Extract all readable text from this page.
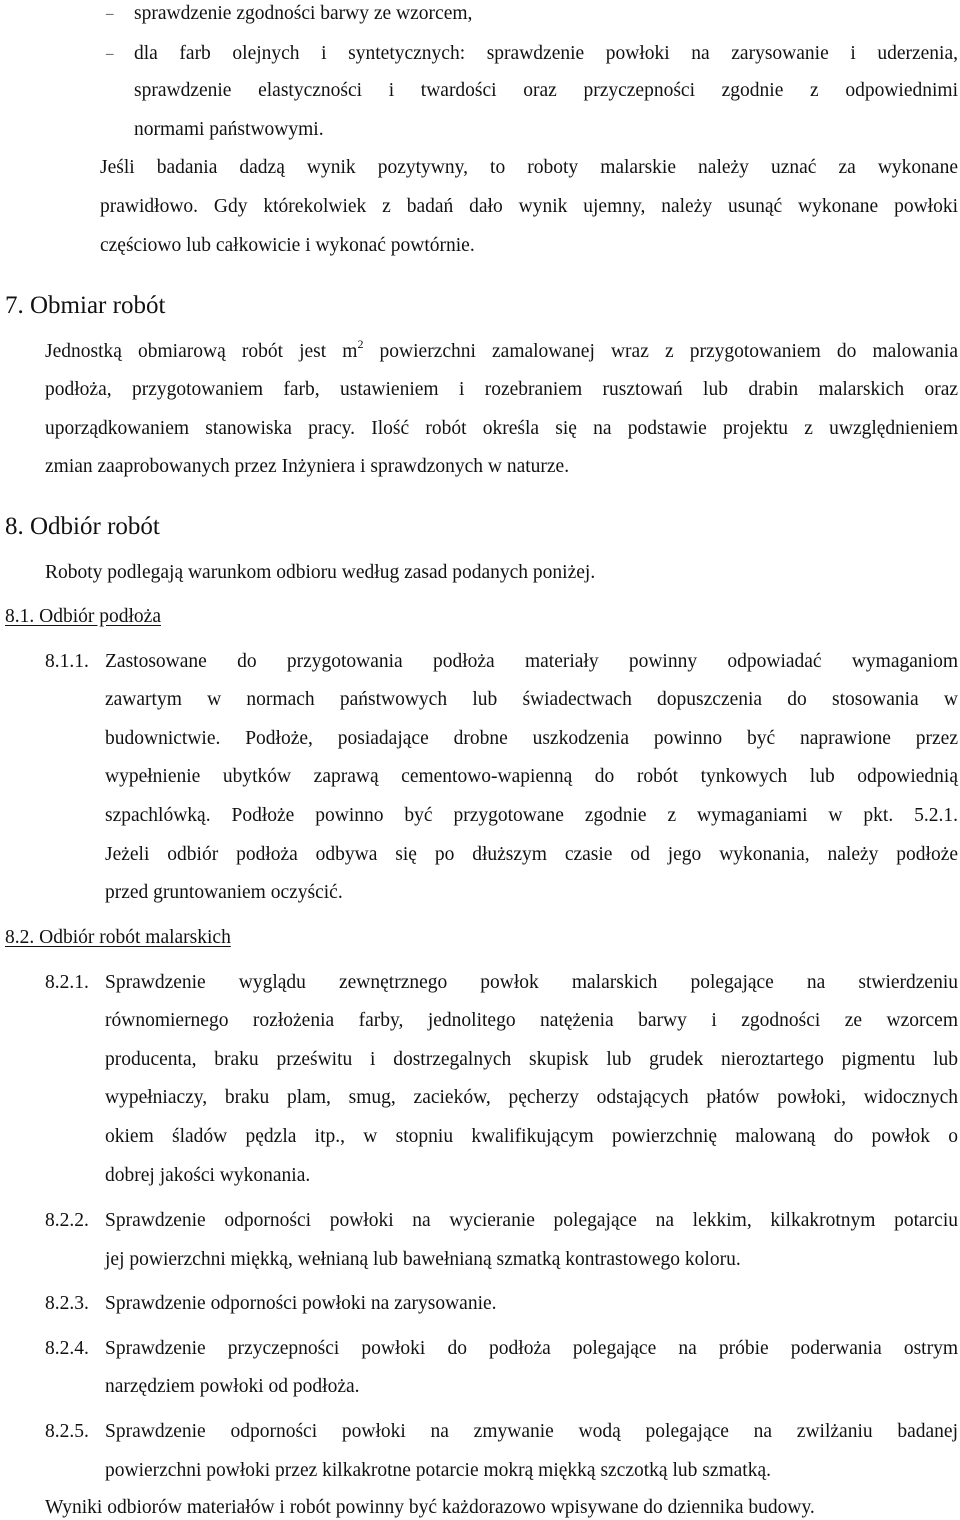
– sprawdzenie zgodności barwy ze wzorcem,
– dla farb olejnych i syntetycznych: sprawdzenie powłoki na zarysowanie i uderzenia,
sprawdzenie elastyczności i twardości oraz przyczepności zgodnie z odpowiednimi
normami państwowymi.
Jeśli badania dadzą wynik pozytywny, to roboty malarskie należy uznać za wykonane
prawidłowo. Gdy którekolwiek z badań dało wynik ujemny, należy usunąć wykonane powłoki
częściowo lub całkowicie i wykonać powtórnie.
7. Obmiar robót
Jednostką obmiarową robót jest $m^2$ powierzchni zamalowanej wraz z przygotowaniem do malowania
podłoża, przygotowaniem farb, ustawieniem i rozebraniem rusztowań lub drabin malarskich oraz
uporządkowaniem stanowiska pracy. Ilość robót określa się na podstawie projektu z uwzględnieniem
zmian zaaprobowanych przez Inżyniera i sprawdzonych w naturze.
8. Odbiór robót
Roboty podlegają warunkom odbioru według zasad podanych poniżej.
8.1. Odbiór podłoża
8.1.1. Zastosowane do przygotowania podłoża materiały powinny odpowiadać wymaganiom
zawartym w normach państwowych lub świadectwach dopuszczenia do stosowania w
budownictwie. Podłoże, posiadające drobne uszkodzenia powinno być naprawione przez
wypełnienie ubytków zaprawą cementowo-wapienną do robót tynkowych lub odpowiednią
szpachlówką. Podłoże powinno być przygotowane zgodnie z wymaganiami w pkt. 5.2.1.
Jeżeli odbiór podłoża odbywa się po dłuższym czasie od jego wykonania, należy podłoże
przed gruntowaniem oczyścić.
8.2. Odbiór robót malarskich
8.2.1. Sprawdzenie wyglądu zewnętrznego powłok malarskich polegające na stwierdzeniu
równomiernego rozłożenia farby, jednolitego natężenia barwy i zgodności ze wzorcem
producenta, braku prześwitu i dostrzegalnych skupisk lub grudek nieroztartego pigmentu lub
wypełniaczy, braku plam, smug, zacieków, pęcherzy odstających płatów powłoki, widocznych
okiem śladów pędzla itp., w stopniu kwalifikującym powierzchnię malowaną do powłok o
dobrej jakości wykonania.
8.2.2. Sprawdzenie odporności powłoki na wycieranie polegające na lekkim, kilkakrotnym potarciu
jej powierzchni miękką, wełnianą lub bawełnianą szmatką kontrastowego koloru.
8.2.3. Sprawdzenie odporności powłoki na zarysowanie.
8.2.4. Sprawdzenie przyczepności powłoki do podłoża polegające na próbie poderwania ostrym
narzędziem powłoki od podłoża.
8.2.5. Sprawdzenie odporności powłoki na zmywanie wodą polegające na zwilżaniu badanej
powierzchni powłoki przez kilkakrotne potarcie mokrą miękką szczotką lub szmatką.
Wyniki odbiorów materiałów i robót powinny być każdorazowo wpisywane do dziennika budowy.
